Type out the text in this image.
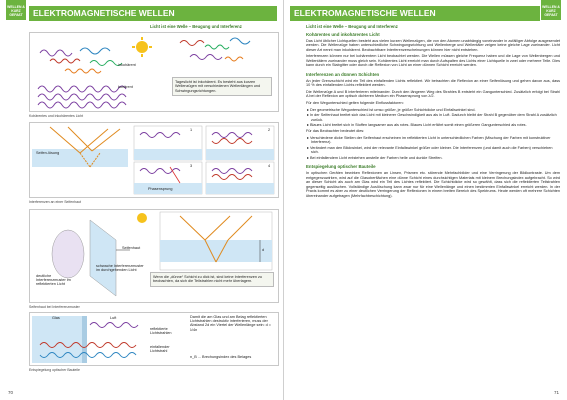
WELLEN &
KURZ GEFAßT	ELEKTROMAGNETISCHE WELLEN
Licht ist eine Welle – Beugung und Interferenz
inkohärent
kohärent
Tageslicht ist inkohärent. Es besteht aus kurzen Wellenzügen mit verschiedenen Wellenlängen und Schwingungsrichtungen.
Kohärentes und inkohärentes Licht
Seifen-lösung
Phasensprung
1	2
3	4
Interferenzen an einer Seifenhaut
Seifenhaut	d
deutliche Interferenzmuster im reflektierten Licht
schwache Interferenzmuster im durchgehenden Licht
Wenn die „dünne“ Schicht zu dick ist, sind keine Interferenzen zu beobachten, da sich die Teilstrahlen nicht mehr überlagern.
Seifenhaut bei Interferenzmuster
Glas	Luft
reflektierte Lichtstrahlen
einfallender Lichtstrahl
Damit die am Glas und am Belag reflektierten Lichtstrahlen destruktiv interferieren, muss der Abstand 2d ein Viertel der Wellenlänge sein: d = λ/4n
n_B ... Brechungsindex des Belages
Entspiegelung optischer Bauteile
70
WELLEN &
KURZ GEFAßT
ELEKTROMAGNETISCHE WELLEN
Licht ist eine Welle – Beugung und Interferenz
Kohärentes und inkohärentes Licht
Das Licht üblicher Lichtquellen besteht aus vielen kurzen Wellenzügen, die von den Atomen unabhängig voneinander in zufälliger Abfolge ausgesendet werden. Die Wellenzüge haben unterschiedliche Schwingungsrichtung und Wellenberge und Wellentäler zeigen keine gleiche Lage zueinander. Licht dieser Art nennt man inkohärent. Beobachtbare Interferenzerscheinungen können hier nicht entstehen.
Interferenzen können nur bei kohärentem Licht beobachtet werden. Die Wellen müssen gleiche Frequenz haben und die Lage von Wellenbergen und Wellentälern zueinander muss gleich sein. Kohärentes Licht erreicht man durch Aufspalten des Lichts einer Lichtquelle in zwei oder mehrere Teile. Dies kann durch ein Stabgitter oder durch die Reflexion von Licht an einer dünnen Schicht erreicht werden.
Interferenzen an dünnen Schichten
An jeder Grenzschicht wird ein Teil des einfallenden Lichts reflektiert. Wir betrachten die Reflexion an einer Seifenlösung und gehen davon aus, dass 10 % des einfallenden Lichts reflektiert werden.
Die Wellenzüge A und B interferieren miteinander. Durch den längeren Weg des Strahles B entsteht ein Gangunterschied. Zusätzlich erfolgt bei Strahl A bei der Reflexion am optisch dichteren Medium ein Phasensprung von λ/2.
Für den Wegunterschied gelten folgende Einflussfaktoren:
▸ Der geometrische Wegunterschied ist umso größer, je größer Schichtdicke und Einfallswinkel sind.
▸ In der Seifenhaut breitet sich das Licht mit kleinerer Geschwindigkeit aus als in Luft. Dadurch bleibt der Strahl B gegenüber dem Strahl A zusätzlich zurück.
▸ Blaues Licht breitet sich in Stoffen langsamer aus als rotes. Blaues Licht erfährt somit einen größeren Gangunterschied als rotes.
Für das Beobachter bedeutet dies:
▸ Verschiedene dicke Stellen der Seifenhaut erscheinen im reflektierten Licht in unterschiedlichen Farben (Mischung der Farben mit konstruktiver Interferenz).
▸ Verändert man den Blickwinkel, wird der relevante Einfallswinkel größer oder kleiner. Die Interferenzen (und damit auch die Farben) verschieben sich.
▸ Bei einfallendem Licht entstehen anstelle der Farben helle und dunkle Streifen.
Entspiegelung optischer Bauteile
In optischen Geräten bewirken Reflexionen an Linsen, Prismen etc. störende Mehrfachbilder und eine Verringerung der Bildkontraste. Um dem entgegenzuwirken, wird auf die Glasoberflächen eine dünne Schicht eines durchsichtigen Materials mit kleinem Brechungsindex aufgebracht. So wird an dieser Schicht als auch am Glas wird ein Teil des Lichtes reflektiert. Die Schichtdicke wird so gewählt, dass sich die reflektierten Teilstrahlen gegenseitig auslöschen. Vollständige Auslöschung kann zwar nur für eine Wellenlänge und einen bestimmten Einfallswinkel erreicht werden. In der Praxis kommt es aber zu einer deutlichen Verringerung der Reflexionen in einem breiten Bereich des Spektrums. Heute werden oft mehrere Schichten übereinander aufgetragen (Mehrfachbeschichtung).
71
